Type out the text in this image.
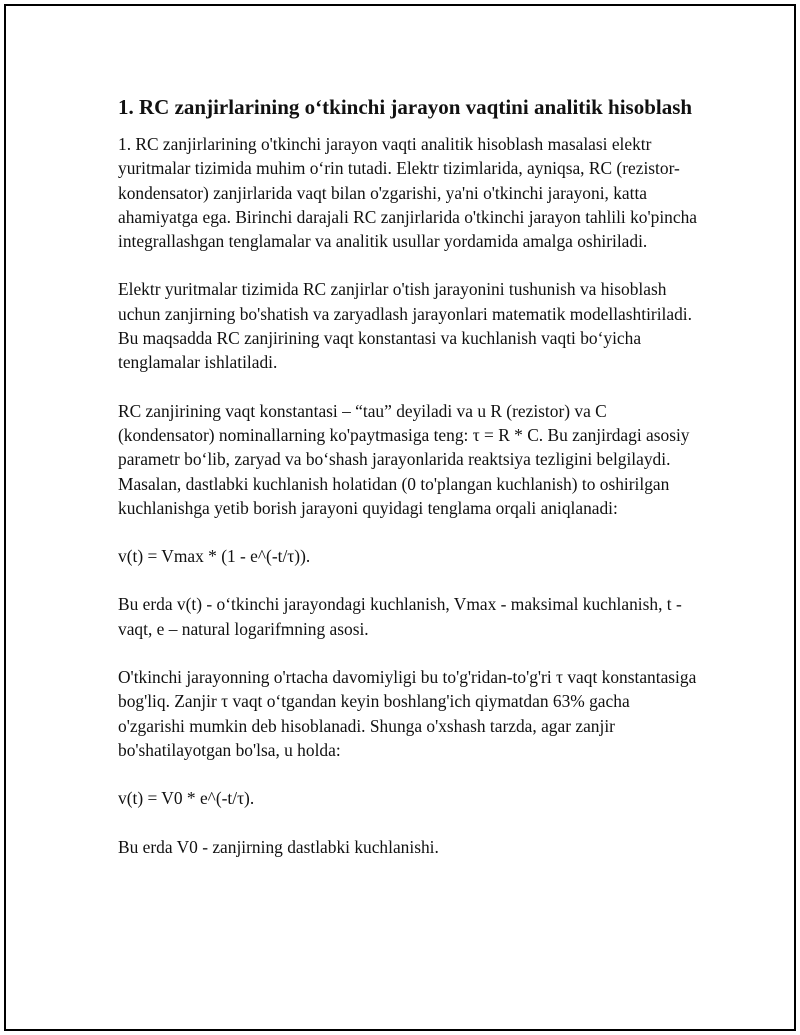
1. RC zanjirlarining o‘tkinchi jarayon vaqtini analitik hisoblash

1. RC zanjirlarining o'tkinchi jarayon vaqti analitik hisoblash masalasi elektr yuritmalar tizimida muhim o‘rin tutadi. Elektr tizimlarida, ayniqsa, RC (rezistor-kondensator) zanjirlarida vaqt bilan o'zgarishi, ya'ni o'tkinchi jarayoni, katta ahamiyatga ega. Birinchi darajali RC zanjirlarida o'tkinchi jarayon tahlili ko'pincha integrallashgan tenglamalar va analitik usullar yordamida amalga oshiriladi.

Elektr yuritmalar tizimida RC zanjirlar o'tish jarayonini tushunish va hisoblash uchun zanjirning bo'shatish va zaryadlash jarayonlari matematik modellashtiriladi. Bu maqsadda RC zanjirining vaqt konstantasi va kuchlanish vaqti bo‘yicha tenglamalar ishlatiladi.

RC zanjirining vaqt konstantasi – “tau” deyiladi va u R (rezistor) va C (kondensator) nominallarning ko'paytmasiga teng: τ = R * C. Bu zanjirdagi asosiy parametr bo‘lib, zaryad va bo‘shash jarayonlarida reaktsiya tezligini belgilaydi. Masalan, dastlabki kuchlanish holatidan (0 to'plangan kuchlanish) to oshirilgan kuchlanishga yetib borish jarayoni quyidagi tenglama orqali aniqlanadi:

v(t) = Vmax * (1 - e^(-t/τ)).

Bu erda v(t) - o‘tkinchi jarayondagi kuchlanish, Vmax - maksimal kuchlanish, t - vaqt, e – natural logarifmning asosi.

O'tkinchi jarayonning o'rtacha davomiyligi bu to'g'ridan-to'g'ri τ vaqt konstantasiga bog'liq. Zanjir τ vaqt o‘tgandan keyin boshlang'ich qiymatdan 63% gacha o'zgarishi mumkin deb hisoblanadi. Shunga o'xshash tarzda, agar zanjir bo'shatilayotgan bo'lsa, u holda:

v(t) = V0 * e^(-t/τ).

Bu erda V0 - zanjirning dastlabki kuchlanishi.
